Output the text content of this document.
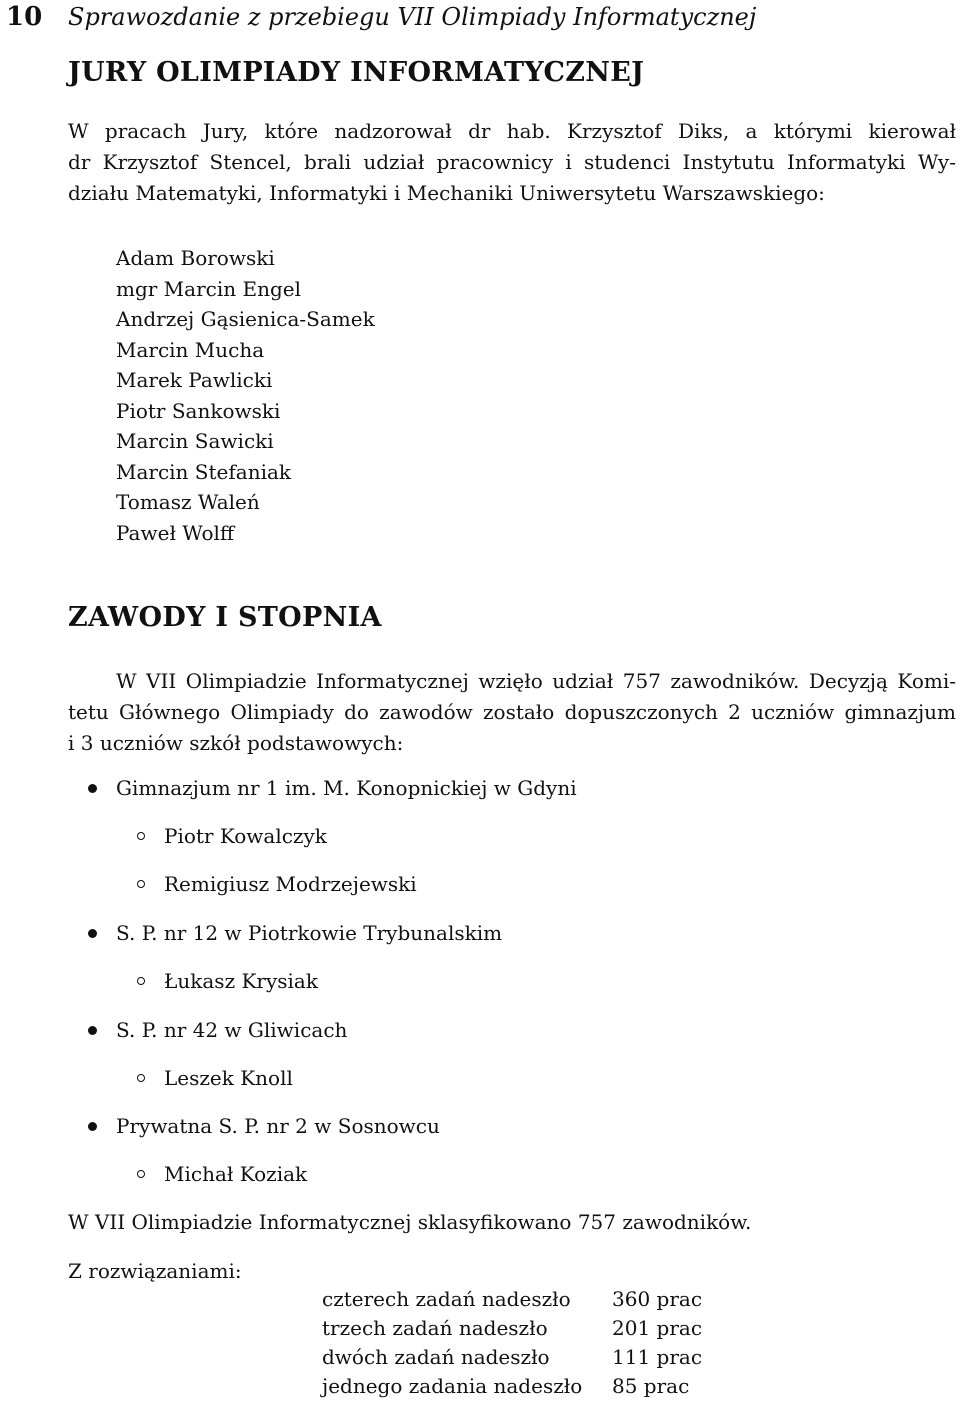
10 Sprawozdanie z przebiegu VII Olimpiady Informatycznej
JURY OLIMPIADY INFORMATYCZNEJ
W pracach Jury, które nadzorował dr hab. Krzysztof Diks, a którymi kierował
dr Krzysztof Stencel, brali udział pracownicy i studenci Instytutu Informatyki Wy-
działu Matematyki, Informatyki i Mechaniki Uniwersytetu Warszawskiego:
Adam Borowski
mgr Marcin Engel
Andrzej Gąsienica-Samek
Marcin Mucha
Marek Pawlicki
Piotr Sankowski
Marcin Sawicki
Marcin Stefaniak
Tomasz Waleń
Paweł Wolff
ZAWODY I STOPNIA
W VII Olimpiadzie Informatycznej wzięło udział 757 zawodników. Decyzją Komi-
tetu Głównego Olimpiady do zawodów zostało dopuszczonych 2 uczniów gimnazjum
i 3 uczniów szkół podstawowych:
Gimnazjum nr 1 im. M. Konopnickiej w Gdyni
Piotr Kowalczyk
Remigiusz Modrzejewski
S. P. nr 12 w Piotrkowie Trybunalskim
Łukasz Krysiak
S. P. nr 42 w Gliwicach
Leszek Knoll
Prywatna S. P. nr 2 w Sosnowcu
Michał Koziak
W VII Olimpiadzie Informatycznej sklasyfikowano 757 zawodników.
Z rozwiązaniami:
czterech zadań nadeszło	360 prac
trzech zadań nadeszło	201 prac
dwóch zadań nadeszło	111 prac
jednego zadania nadeszło	85 prac
